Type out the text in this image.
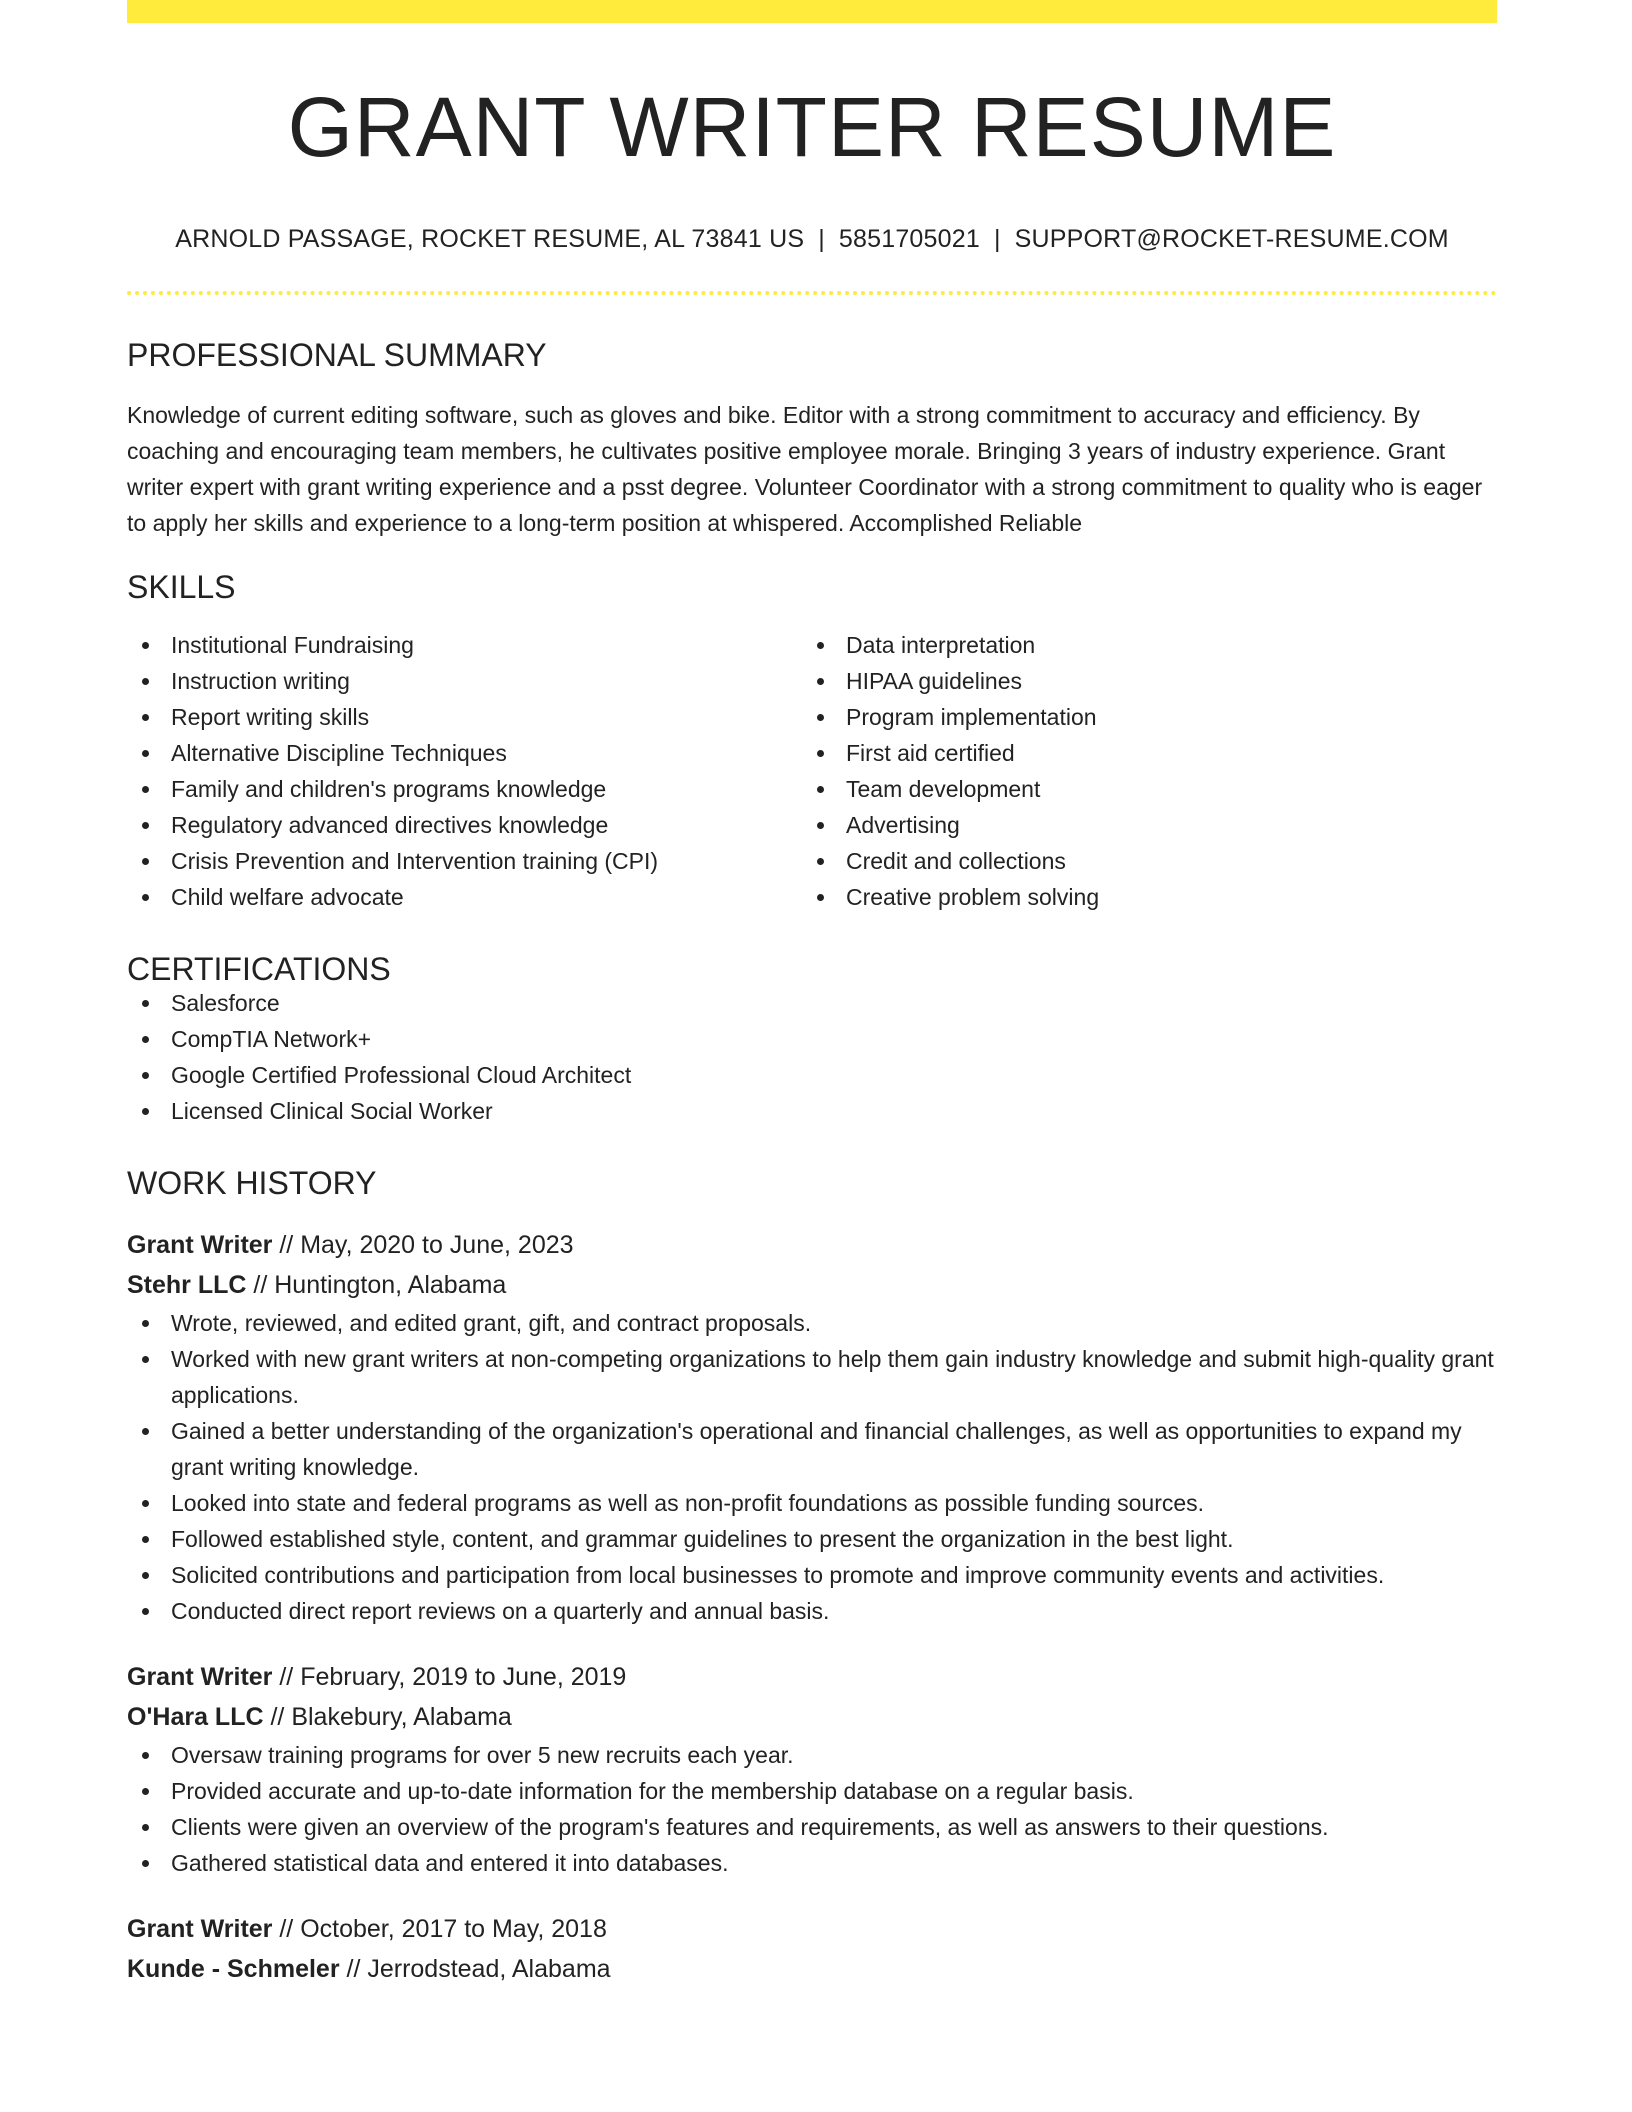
GRANT WRITER RESUME
ARNOLD PASSAGE, ROCKET RESUME, AL 73841 US | 5851705021 | SUPPORT@ROCKET-RESUME.COM
PROFESSIONAL SUMMARY

Knowledge of current editing software, such as gloves and bike. Editor with a strong commitment to accuracy and efficiency. By coaching and encouraging team members, he cultivates positive employee morale. Bringing 3 years of industry experience. Grant writer expert with grant writing experience and a psst degree. Volunteer Coordinator with a strong commitment to quality who is eager to apply her skills and experience to a long-term position at whispered. Accomplished Reliable

SKILLS
Institutional Fundraising
Instruction writing
Report writing skills
Alternative Discipline Techniques
Family and children's programs knowledge
Regulatory advanced directives knowledge
Crisis Prevention and Intervention training (CPI)
Child welfare advocate
Data interpretation
HIPAA guidelines
Program implementation
First aid certified
Team development
Advertising
Credit and collections
Creative problem solving
CERTIFICATIONS
Salesforce
CompTIA Network+
Google Certified Professional Cloud Architect
Licensed Clinical Social Worker
WORK HISTORY
Grant Writer // May, 2020 to June, 2023
Stehr LLC // Huntington, Alabama
Wrote, reviewed, and edited grant, gift, and contract proposals.
Worked with new grant writers at non-competing organizations to help them gain industry knowledge and submit high-quality grant applications.
Gained a better understanding of the organization's operational and financial challenges, as well as opportunities to expand my grant writing knowledge.
Looked into state and federal programs as well as non-profit foundations as possible funding sources.
Followed established style, content, and grammar guidelines to present the organization in the best light.
Solicited contributions and participation from local businesses to promote and improve community events and activities.
Conducted direct report reviews on a quarterly and annual basis.
Grant Writer // February, 2019 to June, 2019
O'Hara LLC // Blakebury, Alabama
Oversaw training programs for over 5 new recruits each year.
Provided accurate and up-to-date information for the membership database on a regular basis.
Clients were given an overview of the program's features and requirements, as well as answers to their questions.
Gathered statistical data and entered it into databases.
Grant Writer // October, 2017 to May, 2018
Kunde - Schmeler // Jerrodstead, Alabama
